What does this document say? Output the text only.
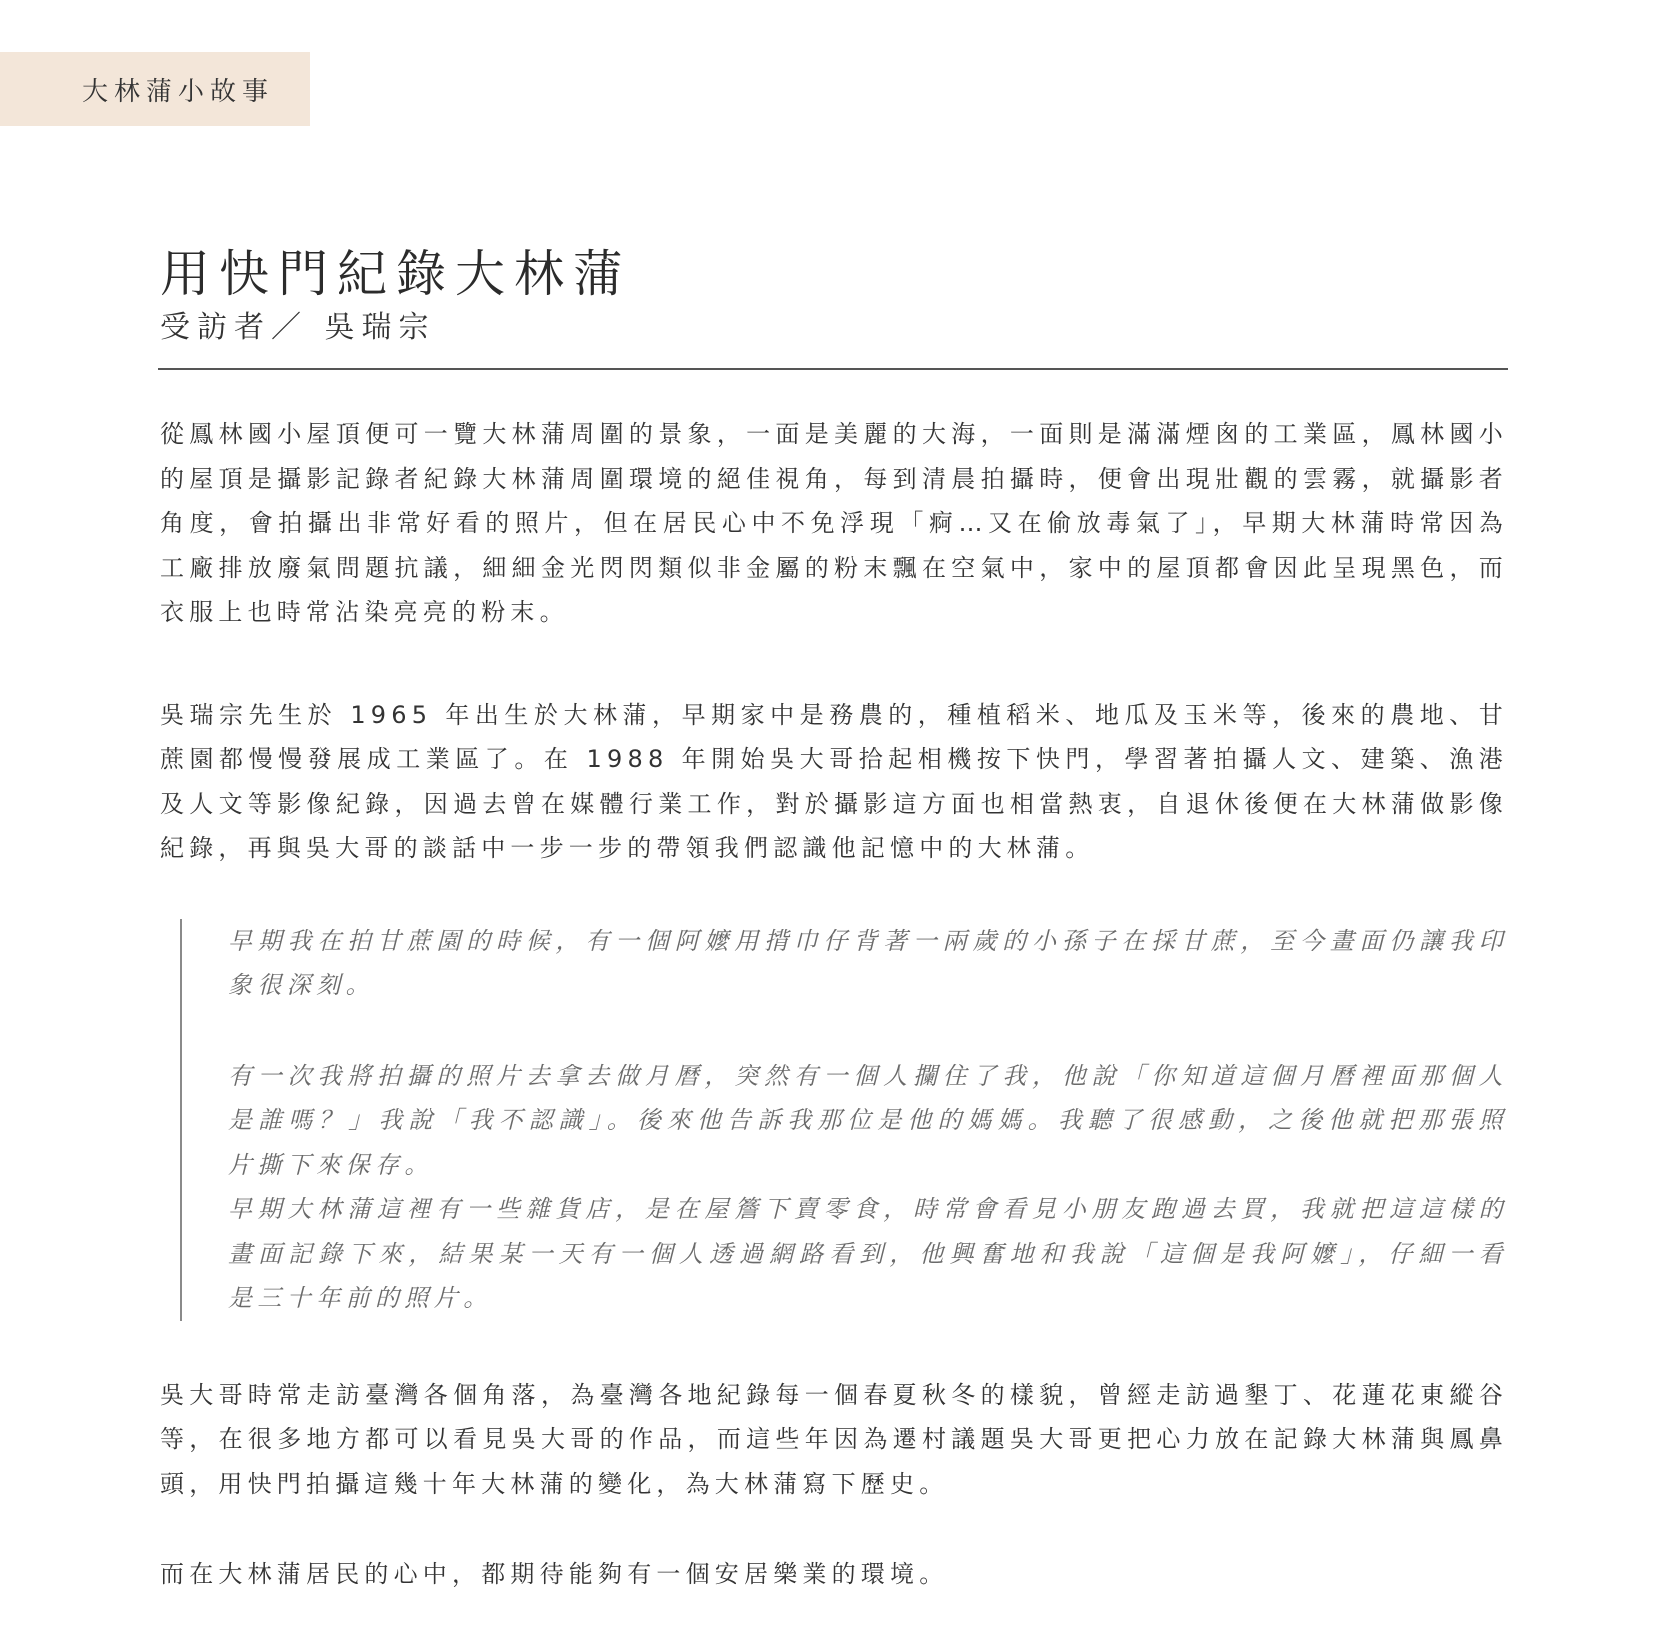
大林蒲小故事
用快門紀錄大林蒲

受訪者／ 吳瑞宗

從鳳林國小屋頂便可一覽大林蒲周圍的景象，一面是美麗的大海，一面則是滿滿煙囪的工業區，鳳林國小的屋頂是攝影記錄者紀錄大林蒲周圍環境的絕佳視角，每到清晨拍攝時，便會出現壯觀的雲霧，就攝影者角度，會拍攝出非常好看的照片，但在居民心中不免浮現「痾…又在偷放毒氣了」，早期大林蒲時常因為工廠排放廢氣問題抗議，細細金光閃閃類似非金屬的粉末飄在空氣中，家中的屋頂都會因此呈現黑色，而衣服上也時常沾染亮亮的粉末。

吳瑞宗先生於 1965 年出生於大林蒲，早期家中是務農的，種植稻米、地瓜及玉米等，後來的農地、甘蔗園都慢慢發展成工業區了。在 1988 年開始吳大哥拾起相機按下快門，學習著拍攝人文、建築、漁港及人文等影像紀錄，因過去曾在媒體行業工作，對於攝影這方面也相當熱衷，自退休後便在大林蒲做影像紀錄，再與吳大哥的談話中一步一步的帶領我們認識他記憶中的大林蒲。

早期我在拍甘蔗園的時候，有一個阿嬤用揹巾仔背著一兩歲的小孫子在採甘蔗，至今畫面仍讓我印象很深刻。

有一次我將拍攝的照片去拿去做月曆，突然有一個人攔住了我，他說「你知道這個月曆裡面那個人是誰嗎？」我說「我不認識」。後來他告訴我那位是他的媽媽。我聽了很感動，之後他就把那張照片撕下來保存。

早期大林蒲這裡有一些雜貨店，是在屋簷下賣零食，時常會看見小朋友跑過去買，我就把這這樣的畫面記錄下來，結果某一天有一個人透過網路看到，他興奮地和我說「這個是我阿嬤」，仔細一看是三十年前的照片。

吳大哥時常走訪臺灣各個角落，為臺灣各地紀錄每一個春夏秋冬的樣貌，曾經走訪過墾丁、花蓮花東縱谷等，在很多地方都可以看見吳大哥的作品，而這些年因為遷村議題吳大哥更把心力放在記錄大林蒲與鳳鼻頭，用快門拍攝這幾十年大林蒲的變化，為大林蒲寫下歷史。

而在大林蒲居民的心中，都期待能夠有一個安居樂業的環境。
